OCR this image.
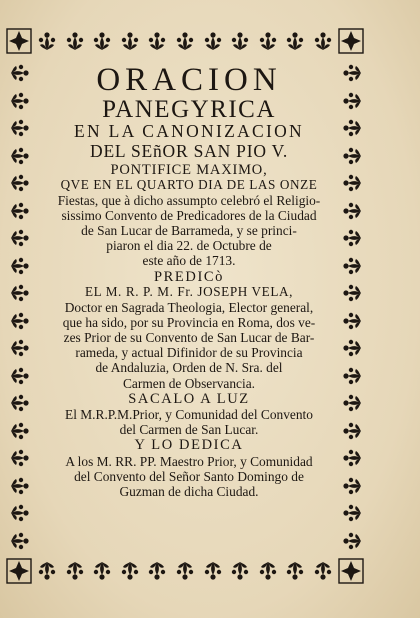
ORACION
PANEGYRICA
EN LA CANONIZACION
DEL SEñOR SAN PIO V.
PONTIFICE MAXIMO,
QVE EN EL QUARTO DIA DE LAS ONZE
Fiestas, que à dicho assumpto celebró el Religio-
sissimo Convento de Predicadores de la Ciudad
de San Lucar de Barrameda, y se princi-
piaron el dia 22. de Octubre de
este año de 1713.
PREDICò
EL M. R. P. M. Fr. JOSEPH VELA,
Doctor en Sagrada Theologia, Elector general,
que ha sido, por su Provincia en Roma, dos ve-
zes Prior de su Convento de San Lucar de Bar-
rameda, y actual Difinidor de su Provincia
de Andaluzia, Orden de N. Sra. del
Carmen de Observancia.
SACALO A LUZ
El M.R.P.M.Prior, y Comunidad del Convento
del Carmen de San Lucar.
Y LO DEDICA
A los M. RR. PP. Maestro Prior, y Comunidad
del Convento del Señor Santo Domingo de
Guzman de dicha Ciudad.
